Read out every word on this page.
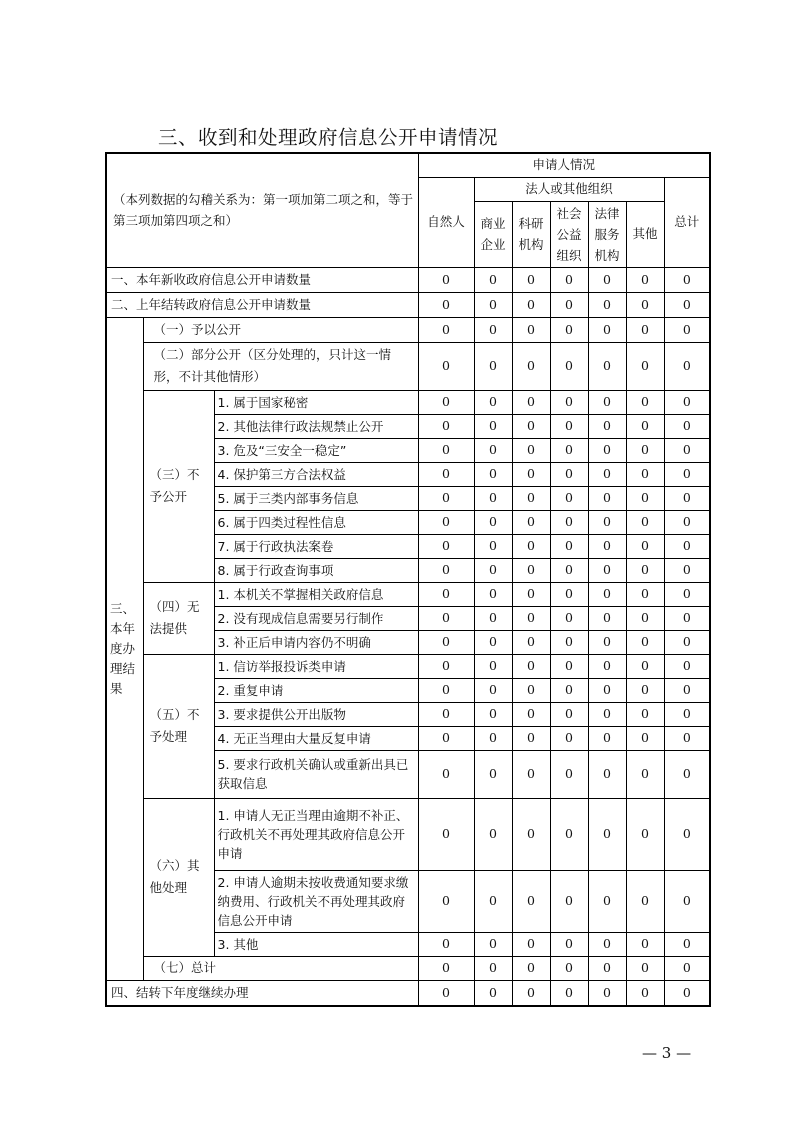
三、收到和处理政府信息公开申请情况
（本列数据的勾稽关系为：第一项加第二项之和，等于第三项加第四项之和）			申请人情况						
			自然人	法人或其他组织					总计
				商业企业	科研机构	社会公益组织	法律服务机构	其他	
一、本年新收政府信息公开申请数量			0	0	0	0	0	0	0
二、上年结转政府信息公开申请数量			0	0	0	0	0	0	0
三、本年度办理结果	（一）予以公开		0	0	0	0	0	0	0
	（二）部分公开（区分处理的，只计这一情形，不计其他情形）		0	0	0	0	0	0	0
	（三）不予公开	1. 属于国家秘密	0	0	0	0	0	0	0
		2. 其他法律行政法规禁止公开	0	0	0	0	0	0	0
		3. 危及“三安全一稳定”	0	0	0	0	0	0	0
		4. 保护第三方合法权益	0	0	0	0	0	0	0
		5. 属于三类内部事务信息	0	0	0	0	0	0	0
		6. 属于四类过程性信息	0	0	0	0	0	0	0
		7. 属于行政执法案卷	0	0	0	0	0	0	0
		8. 属于行政查询事项	0	0	0	0	0	0	0
	（四）无法提供	1. 本机关不掌握相关政府信息	0	0	0	0	0	0	0
		2. 没有现成信息需要另行制作	0	0	0	0	0	0	0
		3. 补正后申请内容仍不明确	0	0	0	0	0	0	0
	（五）不予处理	1. 信访举报投诉类申请	0	0	0	0	0	0	0
		2. 重复申请	0	0	0	0	0	0	0
		3. 要求提供公开出版物	0	0	0	0	0	0	0
		4. 无正当理由大量反复申请	0	0	0	0	0	0	0
		5. 要求行政机关确认或重新出具已获取信息	0	0	0	0	0	0	0
	（六）其他处理	1. 申请人无正当理由逾期不补正、行政机关不再处理其政府信息公开申请	0	0	0	0	0	0	0
		2. 申请人逾期未按收费通知要求缴纳费用、行政机关不再处理其政府信息公开申请	0	0	0	0	0	0	0
		3. 其他	0	0	0	0	0	0	0
	（七）总计		0	0	0	0	0	0	0
四、结转下年度继续办理			0	0	0	0	0	0	0
— 3 —
